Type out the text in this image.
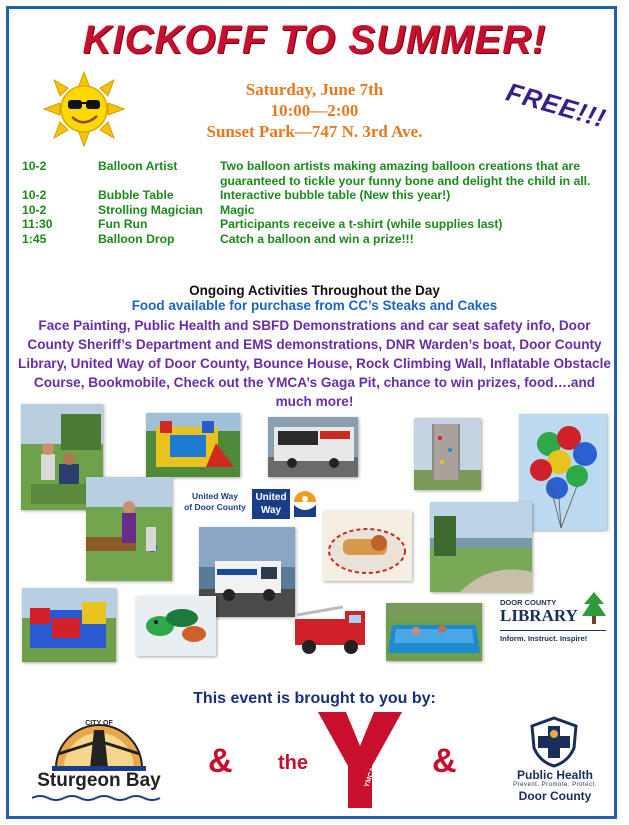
KICKOFF TO SUMMER!
FREE!!!
Saturday, June 7th
10:00—2:00
Sunset Park—747 N. 3rd Ave.
10-2	Balloon Artist	Two balloon artists making amazing balloon creations that are guaranteed to tickle your funny bone and delight the child in all.
10-2	Bubble Table	Interactive bubble table (New this year!)
10-2	Strolling Magician	Magic
11:30	Fun Run	Participants receive a t-shirt (while supplies last)
1:45	Balloon Drop	Catch a balloon and win a prize!!!
Ongoing Activities Throughout the Day
Food available for purchase from CC’s Steaks and Cakes
Face Painting, Public Health and SBFD Demonstrations and car seat safety info, Door County Sheriff’s Department and EMS demonstrations, DNR Warden’s boat, Door County Library, United Way of Door County, Bounce House, Rock Climbing Wall, Inflatable Obstacle Course, Bookmobile, Check out the YMCA’s Gaga Pit, chance to win prizes, food….and much more!
United Way
of Door County
United
Way
DOOR COUNTY
LIBRARY
Inform. Instruct. Inspire!
This event is brought to you by:
CITY OF
Sturgeon Bay
& the
YMCA &	Public Health
Prevent. Promote. Protect.
Door County
